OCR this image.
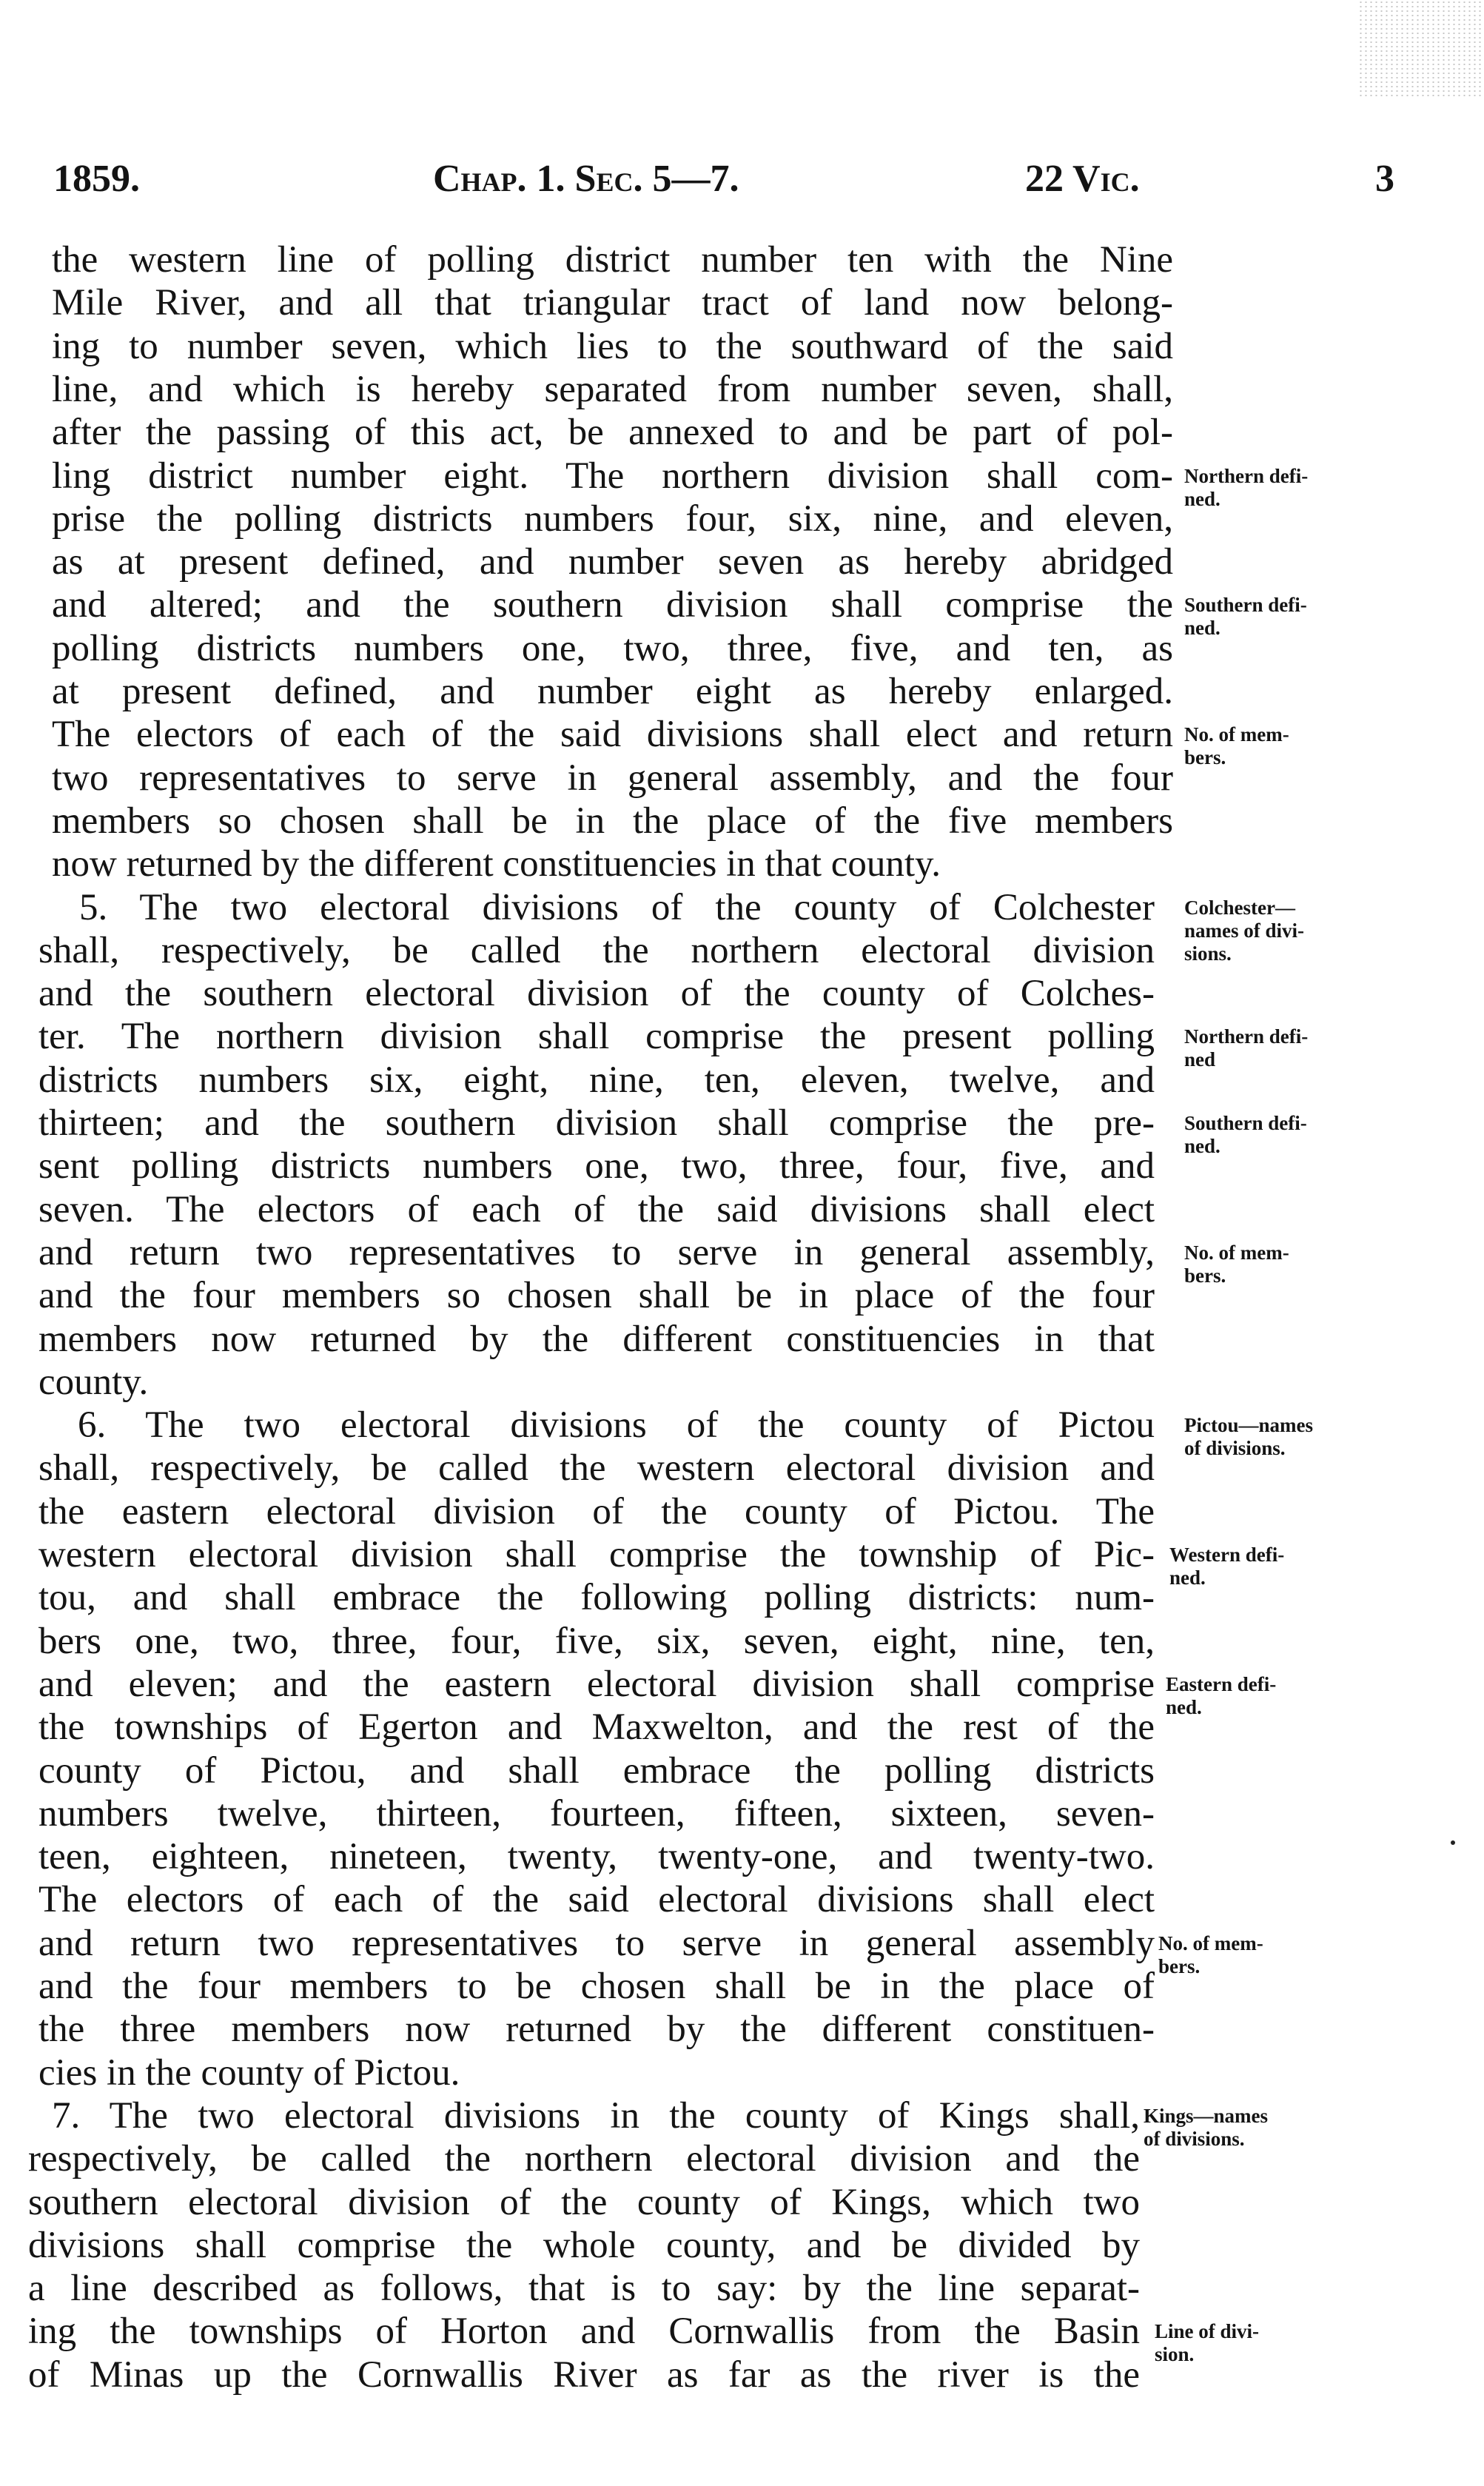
1859.	Chap. 1. Sec. 5—7.	22 Vic.	3
the western line of polling district number ten with the Nine
Mile River, and all that triangular tract of land now belong-
ing to number seven, which lies to the southward of the said
line, and which is hereby separated from number seven, shall,
after the passing of this act, be annexed to and be part of pol-
ling district number eight. The northern division shall com-
prise the polling districts numbers four, six, nine, and eleven,
as at present defined, and number seven as hereby abridged
and altered; and the southern division shall comprise the
polling districts numbers one, two, three, five, and ten, as
at present defined, and number eight as hereby enlarged.
The electors of each of the said divisions shall elect and return
two representatives to serve in general assembly, and the four
members so chosen shall be in the place of the five members
now returned by the different constituencies in that county.
5. The two electoral divisions of the county of Colchester
shall, respectively, be called the northern electoral division
and the southern electoral division of the county of Colches-
ter. The northern division shall comprise the present polling
districts numbers six, eight, nine, ten, eleven, twelve, and
thirteen; and the southern division shall comprise the pre-
sent polling districts numbers one, two, three, four, five, and
seven. The electors of each of the said divisions shall elect
and return two representatives to serve in general assembly,
and the four members so chosen shall be in place of the four
members now returned by the different constituencies in that
county.
6. The two electoral divisions of the county of Pictou
shall, respectively, be called the western electoral division and
the eastern electoral division of the county of Pictou. The
western electoral division shall comprise the township of Pic-
tou, and shall embrace the following polling districts: num-
bers one, two, three, four, five, six, seven, eight, nine, ten,
and eleven; and the eastern electoral division shall comprise
the townships of Egerton and Maxwelton, and the rest of the
county of Pictou, and shall embrace the polling districts
numbers twelve, thirteen, fourteen, fifteen, sixteen, seven-
teen, eighteen, nineteen, twenty, twenty-one, and twenty-two.
The electors of each of the said electoral divisions shall elect
and return two representatives to serve in general assembly
and the four members to be chosen shall be in the place of
the three members now returned by the different constituen-
cies in the county of Pictou.
7. The two electoral divisions in the county of Kings shall,
respectively, be called the northern electoral division and the
southern electoral division of the county of Kings, which two
divisions shall comprise the whole county, and be divided by
a line described as follows, that is to say: by the line separat-
ing the townships of Horton and Cornwallis from the Basin
of Minas up the Cornwallis River as far as the river is the
Northern defi-
ned.
Southern defi-
ned.
No. of mem-
bers.
Colchester—
names of divi-
sions.
Northern defi-
ned
Southern defi-
ned.
No. of mem-
bers.
Pictou—names
of divisions.
Western defi-
ned.
Eastern defi-
ned.
No. of mem-
bers.
Kings—names
of divisions.
Line of divi-
sion.
